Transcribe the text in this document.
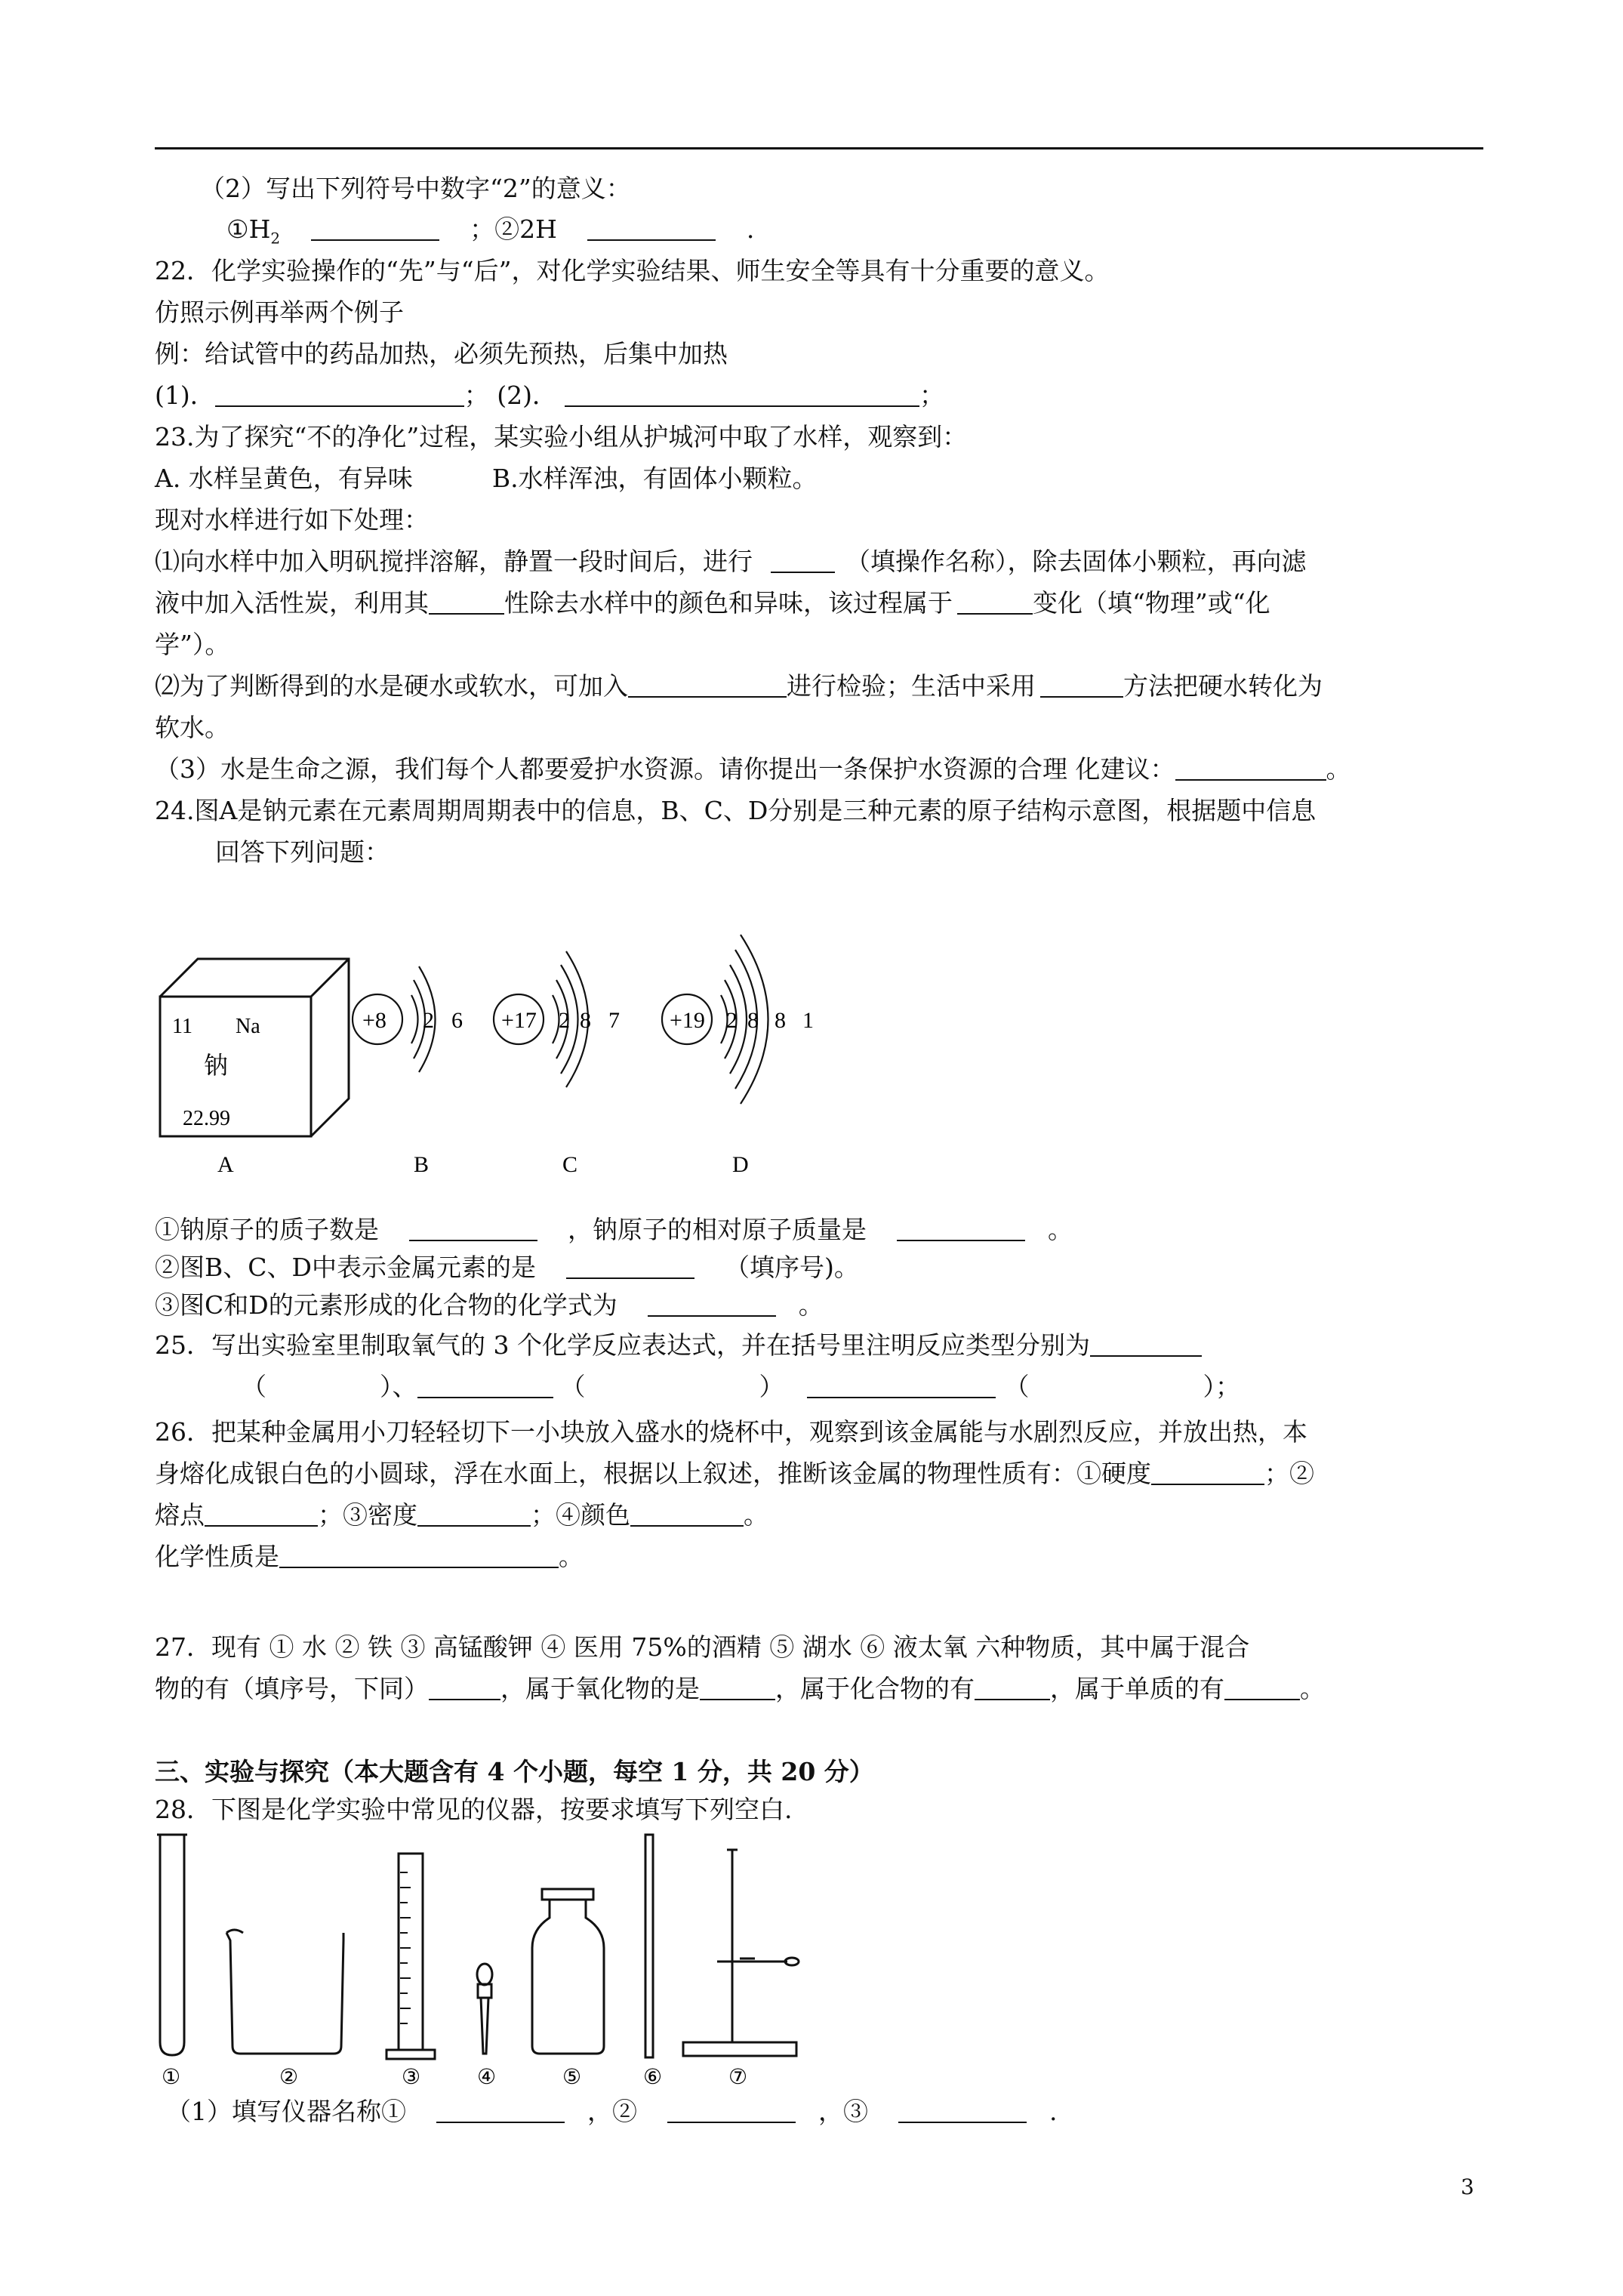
（2）写出下列符号中数字“2”的意义：
$①H_2$	；②2H	.
22．化学实验操作的“先”与“后”，对化学实验结果、师生安全等具有十分重要的意义。
仿照示例再举两个例子
例：给试管中的药品加热，必须先预热，后集中加热
(1)．	； (2)．	；
23.为了探究“不的净化”过程，某实验小组从护城河中取了水样，观察到：
A. 水样呈黄色，有异味	B.水样浑浊，有固体小颗粒。
现对水样进行如下处理：
⑴向水样中加入明矾搅拌溶解，静置一段时间后，进行	（填操作名称），除去固体小颗粒，再向滤
液中加入活性炭，利用其	性除去水样中的颜色和异味，该过程属于	变化（填“物理”或“化
学”）。
⑵为了判断得到的水是硬水或软水，可加入	进行检验；生活中采用	方法把硬水转化为
软水。
（3）水是生命之源，我们每个人都要爱护水资源。请你提出一条保护水资源的合理 化建议：	。
24.图A是钠元素在元素周期周期表中的信息，B、C、D分别是三种元素的原子结构示意图，根据题中信息
回答下列问题：
11 Na
钠
22.99
+8 2 6 +17 2 8 7 +19 2 8 8 1
A	B	C	D
①钠原子的质子数是	，钠原子的相对原子质量是	。
②图B、C、D中表示金属元素的是	（填序号)。
③图C和D的元素形成的化合物的化学式为	。
25．写出实验室里制取氧气的 3 个化学反应表达式，并在括号里注明反应类型分别为
（	）、	（	）	（	）；
26．把某种金属用小刀轻轻切下一小块放入盛水的烧杯中，观察到该金属能与水剧烈反应，并放出热，本
身熔化成银白色的小圆球，浮在水面上，根据以上叙述，推断该金属的物理性质有：①硬度	；②
熔点	；③密度	；④颜色	。
化学性质是	。
27．现有 ① 水 ② 铁 ③ 高锰酸钾 ④ 医用 75%的酒精 ⑤ 湖水 ⑥ 液太氧 六种物质，其中属于混合
物的有（填序号，下同）	，属于氧化物的是	，属于化合物的有	，属于单质的有	。
三、实验与探究（本大题含有 4 个小题，每空 1 分，共 20 分）
28．下图是化学实验中常见的仪器，按要求填写下列空白.
①	②	③	④	⑤	⑥	⑦
（1）填写仪器名称①	，②	，③	.
3
